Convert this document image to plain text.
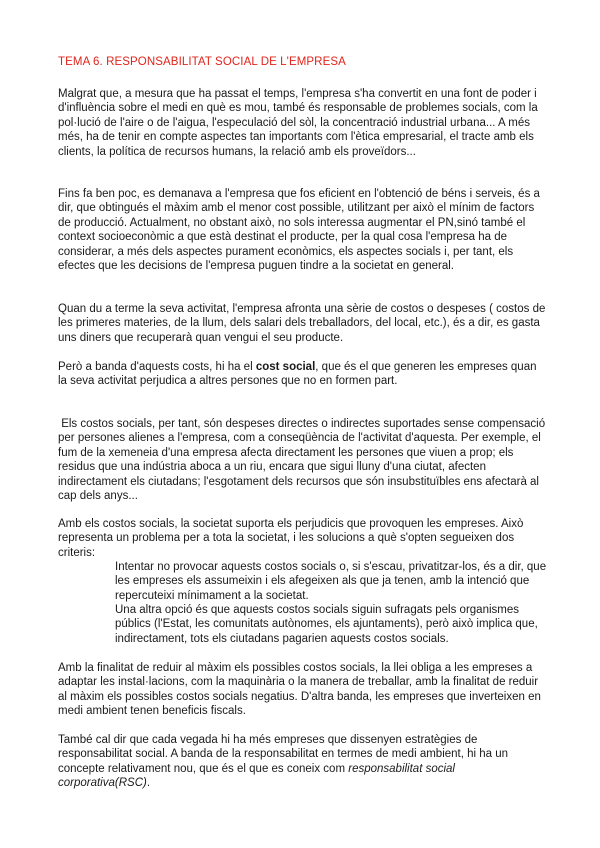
TEMA 6. RESPONSABILITAT SOCIAL DE L'EMPRESA

Malgrat que, a mesura que ha passat el temps, l'empresa s'ha convertit en una font de poder i d'influència sobre el medi en què es mou, també és responsable de problemes socials, com la pol·lució de l'aire o de l'aigua, l'especulació del sòl, la concentració industrial urbana... A més més, ha de tenir en compte aspectes tan importants com l'ètica empresarial, el tracte amb els clients, la política de recursos humans, la relació amb els proveïdors...

Fins fa ben poc, es demanava a l'empresa que fos eficient en l'obtenció de béns i serveis, és a dir, que obtingués el màxim amb el menor cost possible, utilitzant per això el mínim de factors de producció. Actualment, no obstant això, no sols interessa augmentar el PN,sinó també el context socioeconòmic a que està destinat el producte, per la qual cosa l'empresa ha de considerar, a més dels aspectes purament econòmics, els aspectes socials i, per tant, els efectes que les decisions de l'empresa puguen tindre a la societat en general.

Quan du a terme la seva activitat, l'empresa afronta una sèrie de costos o despeses ( costos de les primeres materies, de la llum, dels salari dels treballadors, del local, etc.), és a dir, es gasta uns diners que recuperarà quan vengui el seu producte.

Però a banda d'aquests costs, hi ha el cost social, que és el que generen les empreses quan la seva activitat perjudica a altres persones que no en formen part.

Els costos socials, per tant, són despeses directes o indirectes suportades sense compensació per persones alienes a l'empresa, com a conseqüència de l'activitat d'aquesta. Per exemple, el fum de la xemeneia d'una empresa afecta directament les persones que viuen a prop; els residus que una indústria aboca a un riu, encara que sigui lluny d'una ciutat, afecten indirectament els ciutadans; l'esgotament dels recursos que són insubstituïbles ens afectarà al cap dels anys...

Amb els costos socials, la societat suporta els perjudicis que provoquen les empreses. Això representa un problema per a tota la societat, i les solucions a què s'opten segueixen dos criteris:

Intentar no provocar aquests costos socials o, si s'escau, privatitzar-los, és a dir, que les empreses els assumeixin i els afegeixen als que ja tenen, amb la intenció que repercuteixi mínimament a la societat.

Una altra opció és que aquests costos socials siguin sufragats pels organismes públics (l'Estat, les comunitats autònomes, els ajuntaments), però això implica que, indirectament, tots els ciutadans pagarien aquests costos socials.

Amb la finalitat de reduir al màxim els possibles costos socials, la llei obliga a les empreses a adaptar les instal·lacions, com la maquinària o la manera de treballar, amb la finalitat de reduir al màxim els possibles costos socials negatius. D'altra banda, les empreses que inverteixen en medi ambient tenen beneficis fiscals.

També cal dir que cada vegada hi ha més empreses que dissenyen estratègies de responsabilitat social. A banda de la responsabilitat en termes de medi ambient, hi ha un concepte relativament nou, que és el que es coneix com responsabilitat social corporativa(RSC).
